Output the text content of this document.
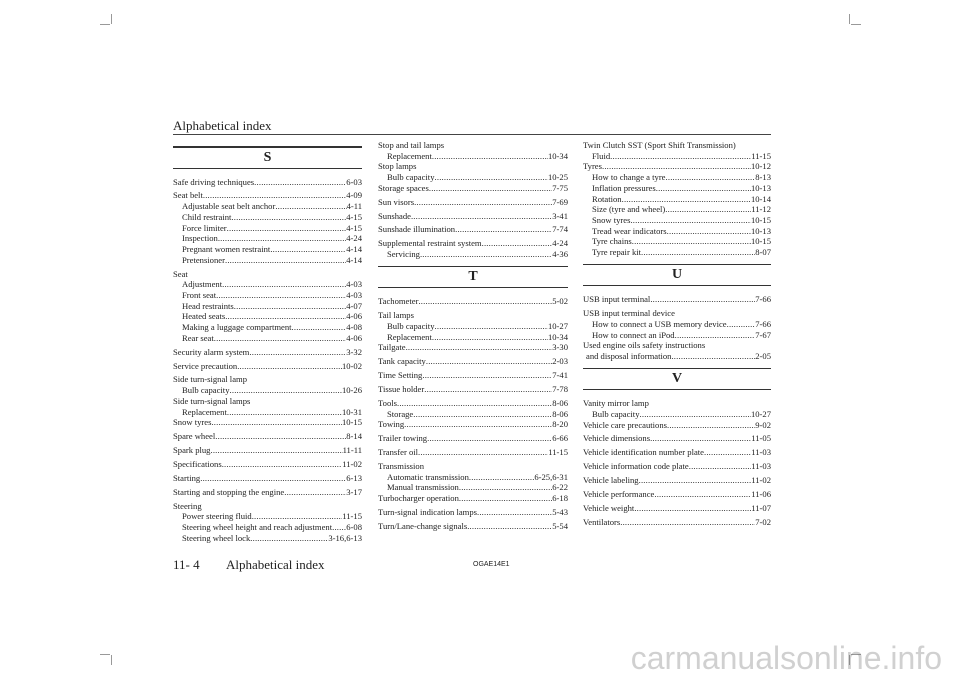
Alphabetical index
S
Safe driving techniques .....	6-03
Seat belt .....	4-09
Adjustable seat belt anchor .....	4-11
Child restraint .....	4-15
Force limiter .....	4-15
Inspection .....	4-24
Pregnant women restraint .....	4-14
Pretensioner .....	4-14
Seat
Adjustment .....	4-03
Front seat .....	4-03
Head restraints .....	4-07
Heated seats .....	4-06
Making a luggage compartment .....	4-08
Rear seat .....	4-06
Security alarm system .....	3-32
Service precaution .....	10-02
Side turn-signal lamp
Bulb capacity .....	10-26
Side turn-signal lamps
Replacement .....	10-31
Snow tyres .....	10-15
Spare wheel .....	8-14
Spark plug .....	11-11
Specifications .....	11-02
Starting .....	6-13
Starting and stopping the engine .....	3-17
Steering
Power steering fluid .....	11-15
Steering wheel height and reach adjustment ..... 6-08
Steering wheel lock .....	3-16,6-13
Stop and tail lamps
Replacement .....	10-34
Stop lamps
Bulb capacity .....	10-25
Storage spaces .....	7-75
Sun visors .....	7-69
Sunshade .....	3-41
Sunshade illumination .....	7-74
Supplemental restraint system .....	4-24
Servicing .....	4-36
T
Tachometer .....	5-02
Tail lamps
Bulb capacity .....	10-27
Replacement .....	10-34
Tailgate .....	3-30
Tank capacity .....	2-03
Time Setting .....	7-41
Tissue holder .....	7-78
Tools .....	8-06
Storage .....	8-06
Towing .....	8-20
Trailer towing .....	6-66
Transfer oil .....	11-15
Transmission
Automatic transmission .....	6-25,6-31
Manual transmission .....	6-22
Turbocharger operation .....	6-18
Turn-signal indication lamps .....	5-43
Turn/Lane-change signals .....	5-54
Twin Clutch SST (Sport Shift Transmission)
Fluid .....	11-15
Tyres .....	10-12
How to change a tyre .....	8-13
Inflation pressures .....	10-13
Rotation .....	10-14
Size (tyre and wheel) .....	11-12
Snow tyres .....	10-15
Tread wear indicators .....	10-13
Tyre chains .....	10-15
Tyre repair kit .....	8-07
U
USB input terminal .....	7-66
USB input terminal device
How to connect a USB memory device .....	7-66
How to connect an iPod .....	7-67
Used engine oils safety instructions
and disposal information .....	2-05
V
Vanity mirror lamp
Bulb capacity .....	10-27
Vehicle care precautions .....	9-02
Vehicle dimensions .....	11-05
Vehicle identification number plate .....	11-03
Vehicle information code plate .....	11-03
Vehicle labeling .....	11-02
Vehicle performance .....	11-06
Vehicle weight .....	11-07
Ventilators .....	7-02
11- 4 Alphabetical index	OGAE14E1
carmanualsonline.info
